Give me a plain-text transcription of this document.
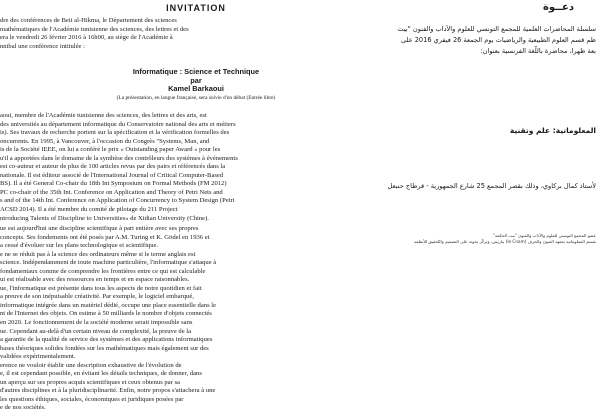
INVITATION
dre des conférences de Beit al-Hikma, le Département des sciences
mathématiques de l'Académie tunisienne des sciences, des lettres et des
era le vendredi 26 février 2016 à 16h00, au siège de l'Académie à
nnibal une conférence intitulée :
Informatique : Science et Technique
par
Kamel Barkaoui
(La présentation, en langue française, sera suivie d'un débat (Entrée libre)
aoui, membre de l'Académie tunisienne des sciences, des lettres et des arts, est
des universités au département informatique du Conservatoire national des arts et métiers
is). Ses travaux de recherche portent sur la spécification et la vérification formelles des
oncurrents. En 1995, à Vancouver, à l'occasion du Congrès "Systems, Man, and
is de la Société IEEE, on lui a conféré le prix « Outstanding paper Award » pour les
u'il a apportées dans le domaine de la synthèse des contrôleurs des systèmes à événements
est co-auteur et auteur de plus de 100 articles revus par des pairs et référencés dans la
nationale. Il est éditeur associé de l'International Journal of Critical Computer-Based
BS). Il a été General Co-chair du 18th Int Symposium on Formal Methods (FM 2012)
PC co-chair of the 35th Int. Conference on Application and Theory of Petri Nets and
s and of the 14th Int. Conference on Application of Concurrency to System Design (Petri
ACSD 2014). Il a été membre du comité de pilotage du 211 Project
ntroducing Talents of Discipline to Universities» de Xidian University (Chine).
ue est aujourd'hui une discipline scientifique à part entière avec ses propres
concepts. Ses fondements ont été posés par A.M. Turing et K. Gödel en 1936 et
a cessé d'évoluer sur les plans technologique et scientifique.
e ne se réduit pas à la science des ordinateurs même si le terme anglais est
science. Indépendamment de toute machine particulière, l'informatique s'attaque à
fondamentaux comme de comprendre les frontières entre ce qui est calculable
ui est réalisable avec des ressources en temps et en espace raisonnables.
ue, l'informatique est présente dans tous les aspects de notre quotidien et fait
a preuve de son inépuisable créativité. Par exemple, le logiciel embarqué,
informatique intégrée dans un matériel dédié, occupe une place essentielle dans le
nt de l'Internet des objets. On estime à 50 milliards le nombre d'objets connectés
en 2020. Le fonctionnement de la société moderne serait impossible sans
ue. Cependant au-delà d'un certain niveau de complexité, la preuve de la
a garantie de la qualité de service des systèmes et des applications informatiques
bases théoriques solides fondées sur les mathématiques mais également sur des
validées expérimentalement.
erence ne vouloir établir une description exhaustive de l'évolution de
e, il est cependant possible, en évitant les détails techniques, de donner, dans
un aperçu sur ses propres acquis scientifiques et ceux obtenus par sa
d'autres disciplines et à la pluridisciplinarité. Enfin, notre propos s'attachera à une
les questions éthiques, sociales, économiques et juridiques posées par
e de nos sociétés.
دعــوة
سلسلة المحاضرات العلمية للمجمع التونسي للعلوم والآداب والفنون "بيت
ظم قسم العلوم الطبيعية والرياضيات يوم الجمعة 26 فيفري 2016 على
بعة ظهرا، محاضرة باللّغة الفرنسية بعنوان:
المعلوماتية: علم وتقنية
لأستاذ كمال بركاوي، وذلك بقصر المجمع 25 شارع الجمهورية - قرطاج حنبعل
عضو المجمع التونسي للعلوم والآداب والفنون "بيت الحكمة"
بقسم المعلوماتية بمعهد الفنون والحرف (le Cnam) بباريس، وتركّز بحوثه على التصميم والتّحقيق للأنظمة
